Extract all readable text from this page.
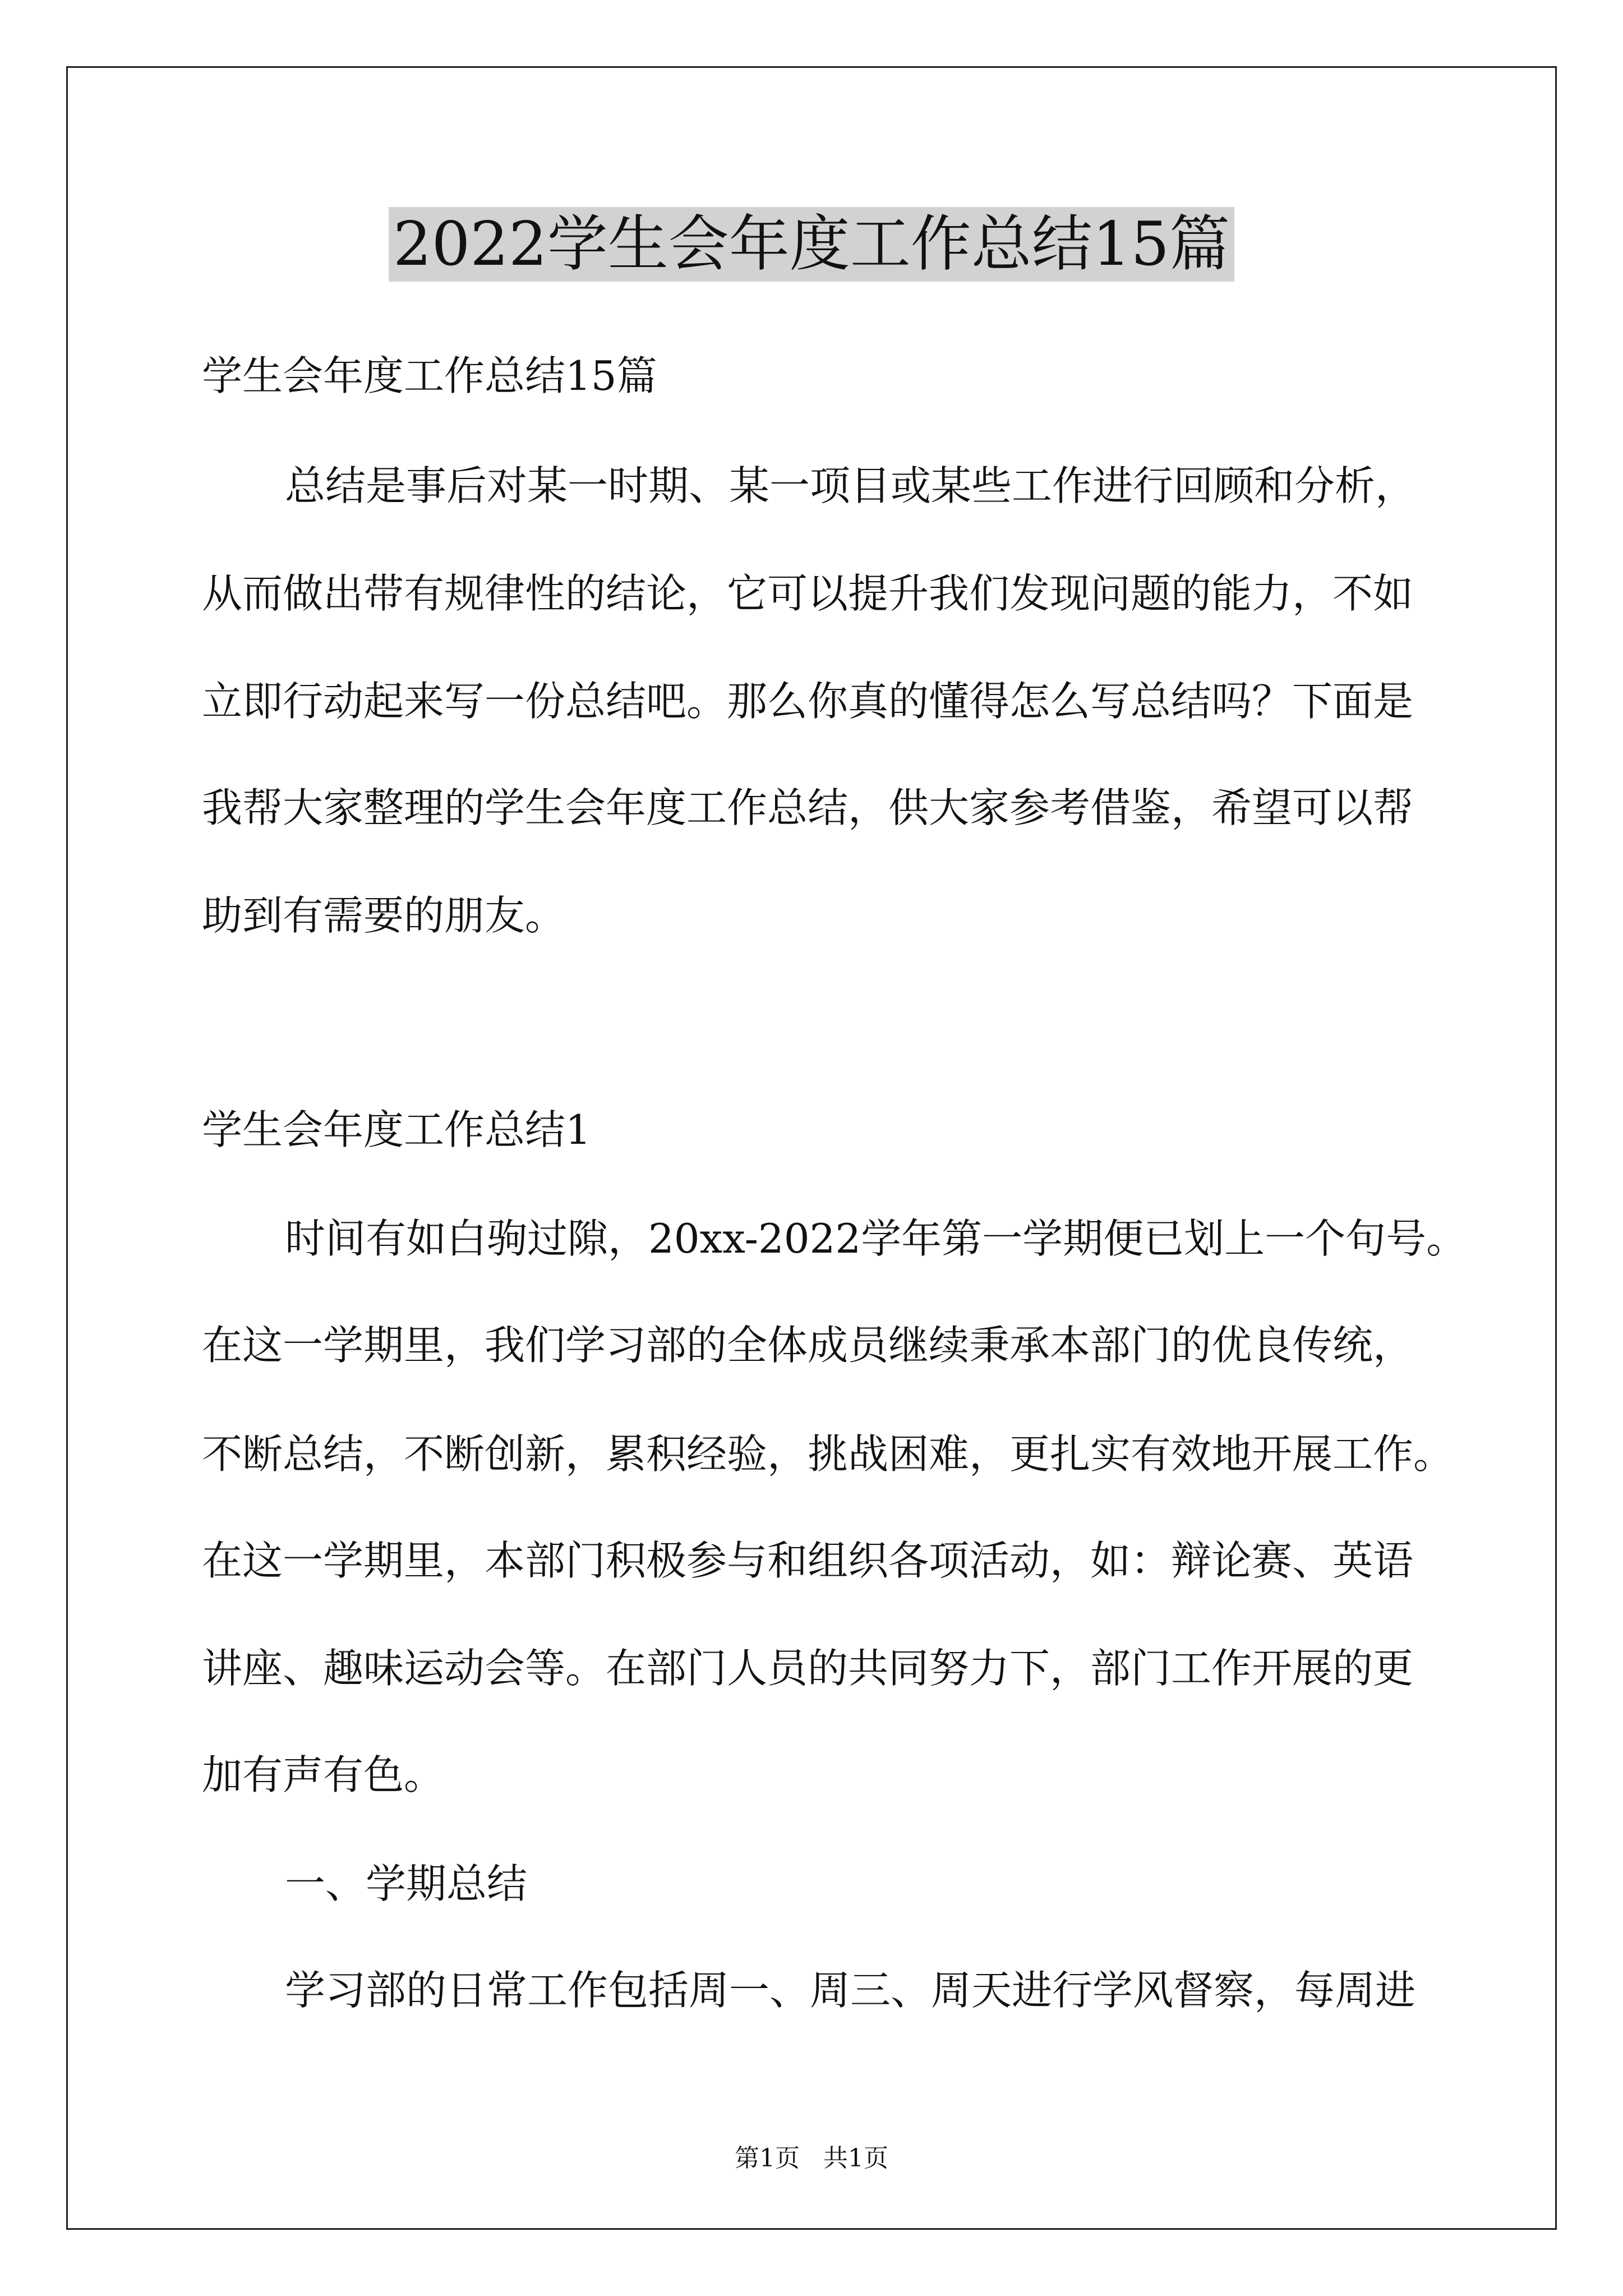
2022学生会年度工作总结15篇
学生会年度工作总结15篇
总结是事后对某一时期、某一项目或某些工作进行回顾和分析，
从而做出带有规律性的结论，它可以提升我们发现问题的能力，不如
立即行动起来写一份总结吧。那么你真的懂得怎么写总结吗？下面是
我帮大家整理的学生会年度工作总结，供大家参考借鉴，希望可以帮
助到有需要的朋友。
学生会年度工作总结1
时间有如白驹过隙，20xx-2022学年第一学期便已划上一个句号。
在这一学期里，我们学习部的全体成员继续秉承本部门的优良传统，
不断总结，不断创新，累积经验，挑战困难，更扎实有效地开展工作。
在这一学期里，本部门积极参与和组织各项活动，如：辩论赛、英语
讲座、趣味运动会等。在部门人员的共同努力下，部门工作开展的更
加有声有色。
一、学期总结
学习部的日常工作包括周一、周三、周天进行学风督察，每周进
第1页   共1页
